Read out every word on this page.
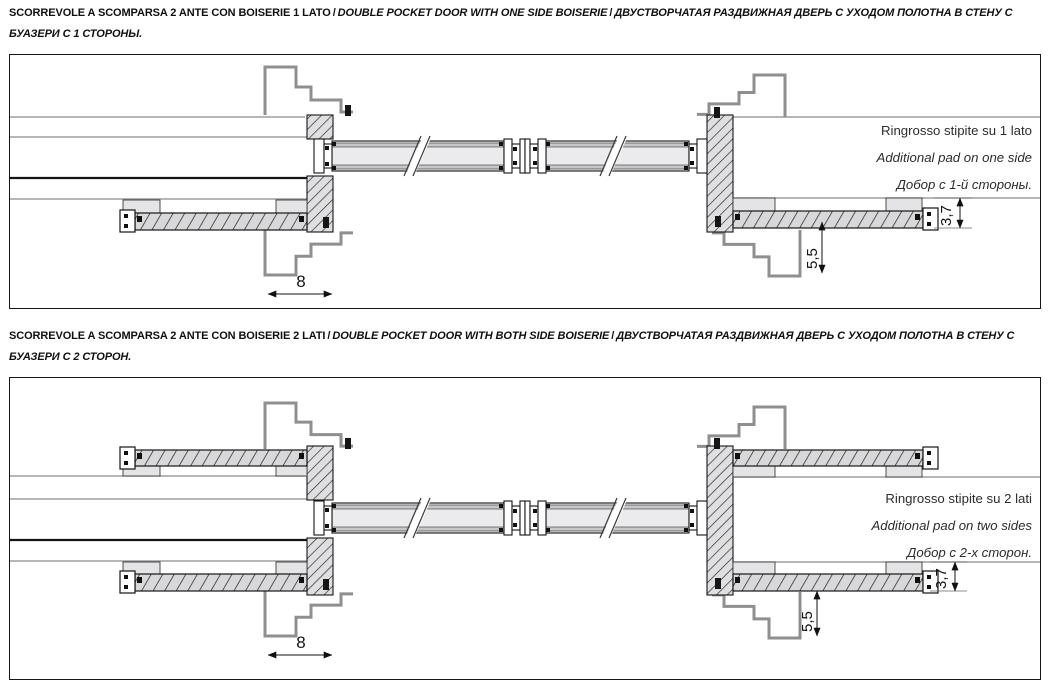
SCORREVOLE A SCOMPARSA 2 ANTE CON BOISERIE 1 LATO / DOUBLE POCKET DOOR WITH ONE SIDE BOISERIE / ДВУСТВОРЧАТАЯ РАЗДВИЖНАЯ ДВЕРЬ С УХОДОМ ПОЛОТНА В СТЕНУ С БУАЗЕРИ С 1 СТОРОНЫ.

8
5,5
3,7
Ringrosso stipite su 1 lato
Additional pad on one side
Добор с 1-й стороны.

SCORREVOLE A SCOMPARSA 2 ANTE CON BOISERIE 2 LATI / DOUBLE POCKET DOOR WITH BOTH SIDE BOISERIE / ДВУСТВОРЧАТАЯ РАЗДВИЖНАЯ ДВЕРЬ С УХОДОМ ПОЛОТНА В СТЕНУ С БУАЗЕРИ С 2 СТОРОН.

8
5,5
3,7
Ringrosso stipite su 2 lati
Additional pad on two sides
Добор с 2-х сторон.
